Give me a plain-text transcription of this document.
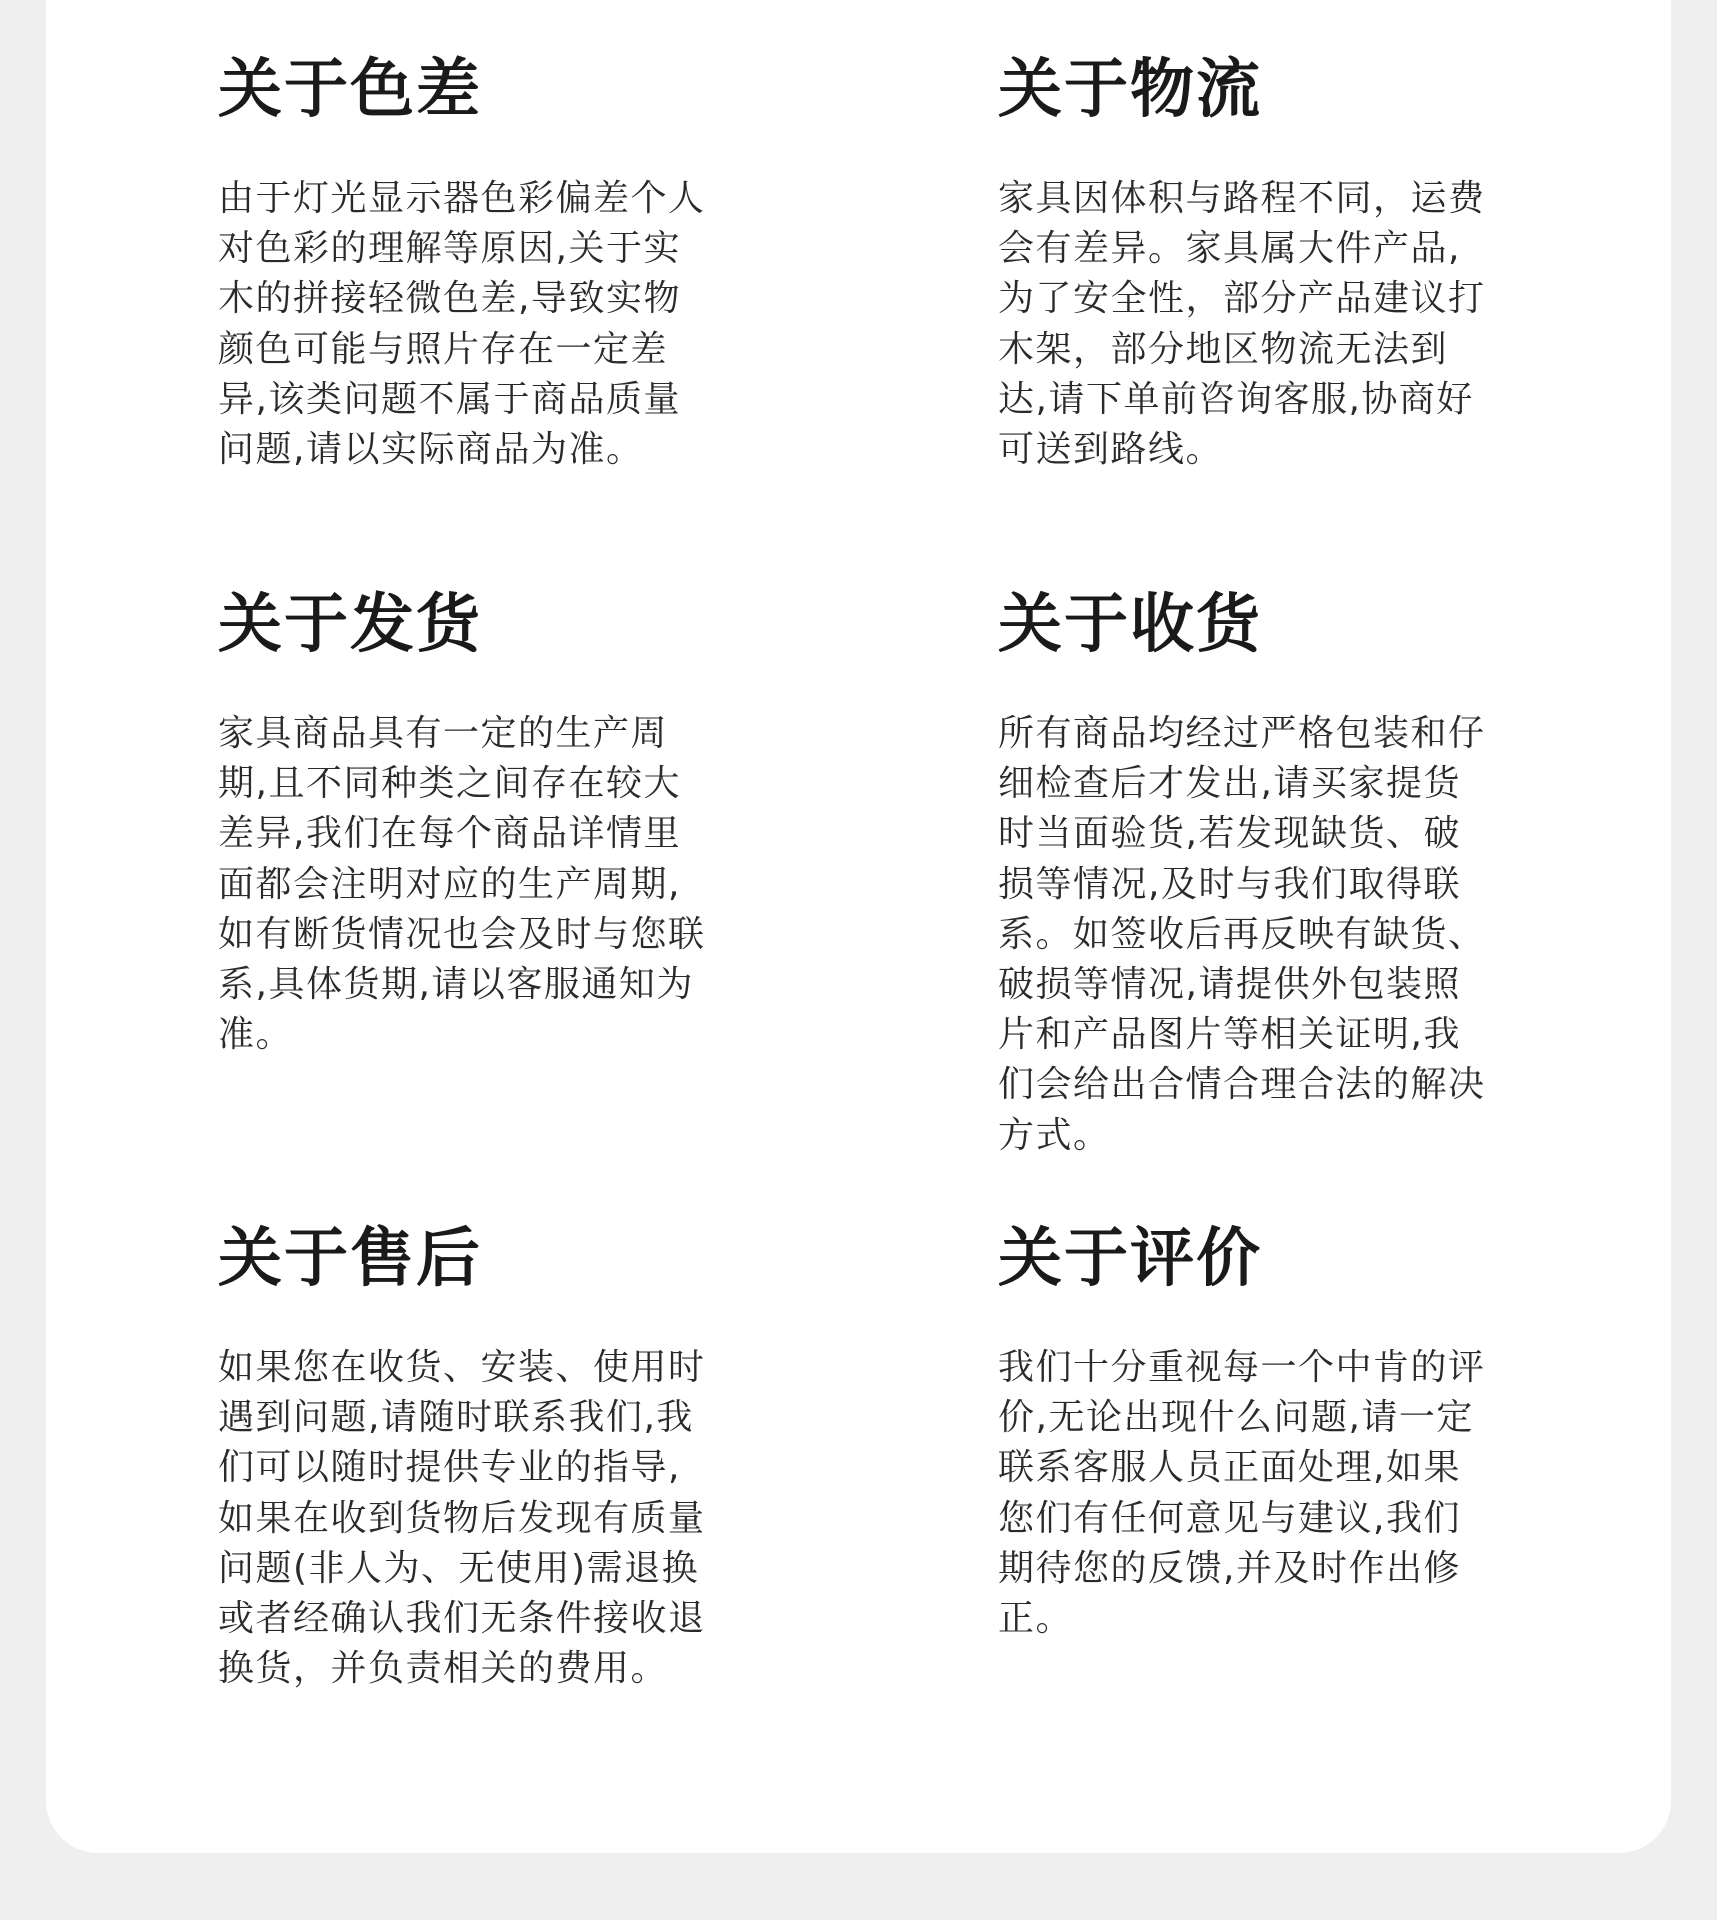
关于色差

由于灯光显示器色彩偏差个人对色彩的理解等原因,关于实木的拼接轻微色差,导致实物颜色可能与照片存在一定差异,该类问题不属于商品质量问题,请以实际商品为准。

关于物流

家具因体积与路程不同，运费会有差异。家具属大件产品,为了安全性，部分产品建议打木架，部分地区物流无法到达,请下单前咨询客服,协商好可送到路线。

关于发货

家具商品具有一定的生产周期,且不同种类之间存在较大差异,我们在每个商品详情里面都会注明对应的生产周期,如有断货情况也会及时与您联系,具体货期,请以客服通知为准。

关于收货

所有商品均经过严格包装和仔细检查后才发出,请买家提货时当面验货,若发现缺货、破损等情况,及时与我们取得联系。如签收后再反映有缺货、破损等情况,请提供外包装照片和产品图片等相关证明,我们会给出合情合理合法的解决方式。

关于售后

如果您在收货、安装、使用时遇到问题,请随时联系我们,我们可以随时提供专业的指导,如果在收到货物后发现有质量问题(非人为、无使用)需退换或者经确认我们无条件接收退换货，并负责相关的费用。

关于评价

我们十分重视每一个中肯的评价,无论出现什么问题,请一定联系客服人员正面处理,如果您们有任何意见与建议,我们期待您的反馈,并及时作出修正。
